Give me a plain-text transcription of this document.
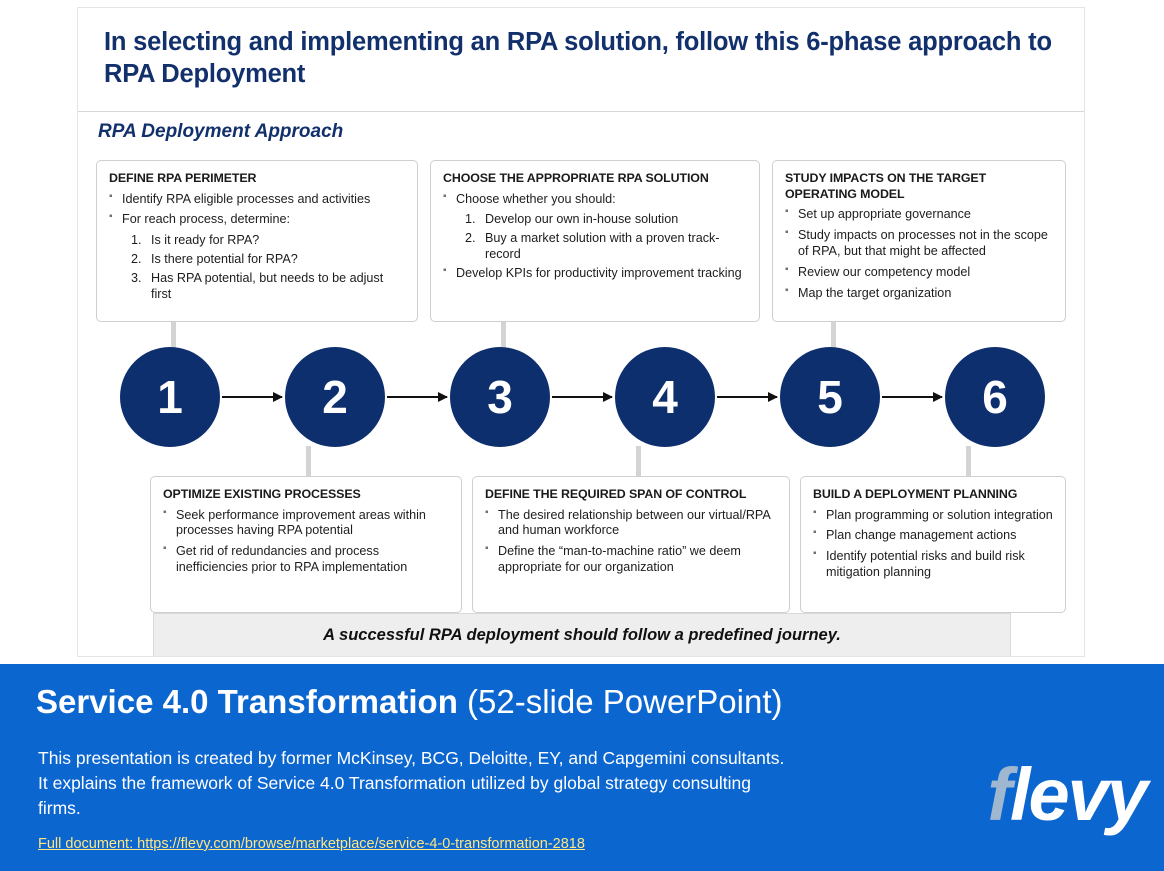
In selecting and implementing an RPA solution, follow this 6-phase approach to RPA Deployment
RPA Deployment Approach
DEFINE RPA PERIMETER
▪ Identify RPA eligible processes and activities
▪ For reach process, determine:
Is it ready for RPA?
Is there potential for RPA?
Has RPA potential, but needs to be adjust first
CHOOSE THE APPROPRIATE RPA SOLUTION
▪ Choose whether you should:
Develop our own in-house solution
Buy a market solution with a proven track-record
▪ Develop KPIs for productivity improvement tracking
STUDY IMPACTS ON THE TARGET OPERATING MODEL
▪ Set up appropriate governance
▪ Study impacts on processes not in the scope of RPA, but that might be affected
▪ Review our competency model
▪ Map the target organization
1	2	3	4	5	6
OPTIMIZE EXISTING PROCESSES
▪ Seek performance improvement areas within processes having RPA potential
▪ Get rid of redundancies and process inefficiencies prior to RPA implementation
DEFINE THE REQUIRED SPAN OF CONTROL
▪ The desired relationship between our virtual/RPA and human workforce
▪ Define the “man-to-machine ratio” we deem appropriate for our organization
BUILD A DEPLOYMENT PLANNING
▪ Plan programming or solution integration
▪ Plan change management actions
▪ Identify potential risks and build risk mitigation planning
A successful RPA deployment should follow a predefined journey.
Service 4.0 Transformation (52-slide PowerPoint)
This presentation is created by former McKinsey, BCG, Deloitte, EY, and Capgemini consultants. It explains the framework of Service 4.0 Transformation utilized by global strategy consulting firms.
Full document: https://flevy.com/browse/marketplace/service-4-0-transformation-2818
flevy
